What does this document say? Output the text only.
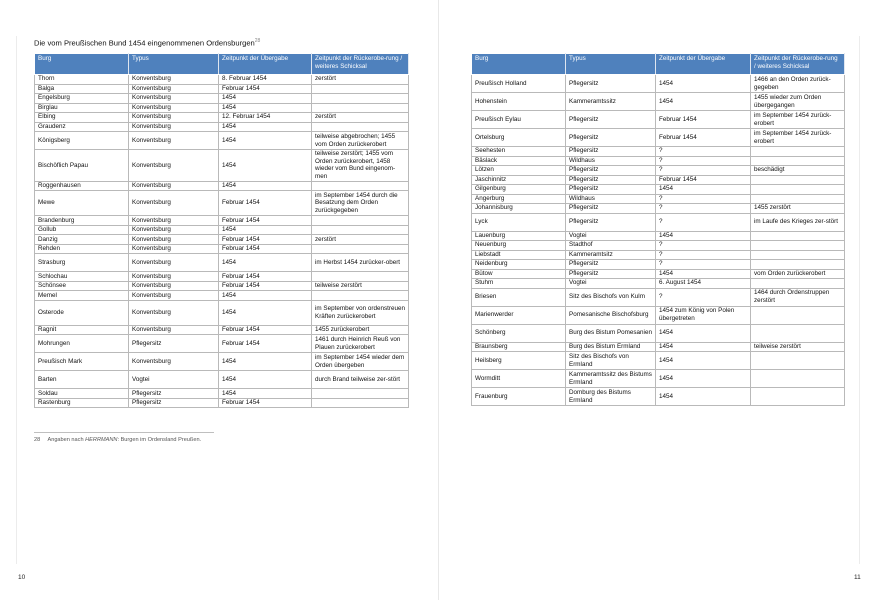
Die vom Preußischen Bund 1454 eingenommenen Ordensburgen$^{28}$
Burg	Typus	Zeitpunkt der Übergabe	Zeitpunkt der Rückerobe-rung / weiteres Schicksal
Thorn	Konventsburg	8. Februar 1454	zerstört
Balga	Konventsburg	Februar 1454	
Engelsburg	Konventsburg	1454	
Birglau	Konventsburg	1454	
Elbing	Konventsburg	12. Februar 1454	zerstört
Graudenz	Konventsburg	1454	
Königsberg	Konventsburg	1454	teilweise abgebrochen; 1455 vom Orden zurückerobert
Bischöflich Papau	Konventsburg	1454	teilweise zerstört; 1455 vom Orden zurückerobert, 1458 wieder vom Bund eingenom-men
Roggenhausen	Konventsburg	1454	
Mewe	Konventsburg	Februar 1454	im September 1454 durch die Besatzung dem Orden zurückgegeben
Brandenburg	Konventsburg	Februar 1454	
Gollub	Konventsburg	1454	
Danzig	Konventsburg	Februar 1454	zerstört
Rehden	Konventsburg	Februar 1454	
Strasburg	Konventsburg	1454	im Herbst 1454 zurücker-obert
Schlochau	Konventsburg	Februar 1454	
Schönsee	Konventsburg	Februar 1454	teilweise zerstört
Memel	Konventsburg	1454	
Osterode	Konventsburg	1454	im September von ordenstreuen Kräften zurückerobert
Ragnit	Konventsburg	Februar 1454	1455 zurückerobert
Mohrungen	Pflegersitz	Februar 1454	1461 durch Heinrich Reuß von Plauen zurückerobert
Preußisch Mark	Konventsburg	1454	im September 1454 wieder dem Orden übergeben
Barten	Vogtei	1454	durch Brand teilweise zer-stört
Soldau	Pflegersitz	1454	
Rastenburg	Pflegersitz	Februar 1454	
Burg	Typus	Zeitpunkt der Übergabe	Zeitpunkt der Rückerobe-rung / weiteres Schicksal
Preußisch Holland	Pflegersitz	1454	1466 an den Orden zurück-gegeben
Hohenstein	Kammeramtssitz	1454	1455 wieder zum Orden übergegangen
Preußisch Eylau	Pflegersitz	Februar 1454	im September 1454 zurück-erobert
Ortelsburg	Pflegersitz	Februar 1454	im September 1454 zurück-erobert
Seehesten	Pflegersitz	?	
Bäslack	Wildhaus	?	
Lötzen	Pflegersitz	?	beschädigt
Jaschinnitz	Pflegersitz	Februar 1454	
Gilgenburg	Pflegersitz	1454	
Angerburg	Wildhaus	?	
Johannisburg	Pflegersitz	?	1455 zerstört
Lyck	Pflegersitz	?	im Laufe des Krieges zer-stört
Lauenburg	Vogtei	1454	
Neuenburg	Stadthof	?	
Liebstadt	Kammeramtsitz	?	
Neidenburg	Pflegersitz	?	
Bütow	Pflegersitz	1454	vom Orden zurückerobert
Stuhm	Vogtei	6. August 1454	
Briesen	Sitz des Bischofs von Kulm	?	1464 durch Ordenstruppen zerstört
Marienwerder	Pomesanische Bischofsburg	1454 zum König von Polen übergetreten	
Schönberg	Burg des Bistum Pomesanien	1454	
Braunsberg	Burg des Bistum Ermland	1454	teilweise zerstört
Heilsberg	Sitz des Bischofs von Ermland	1454	
Wormditt	Kammeramtssitz des Bistums Ermland	1454	
Frauenburg	Domburg des Bistums Ermland	1454	
28 Angaben nach HERRMANN: Burgen im Ordensland Preußen.
10	11
